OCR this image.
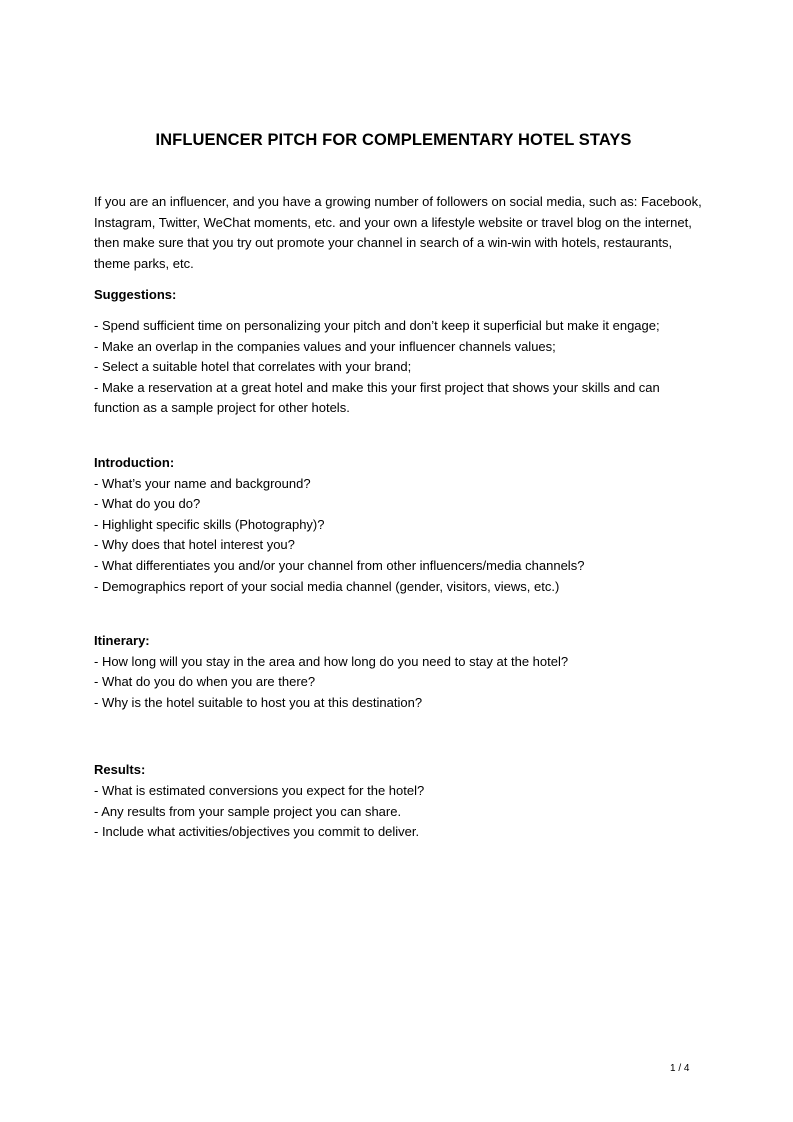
INFLUENCER PITCH FOR COMPLEMENTARY HOTEL STAYS

If you are an influencer, and you have a growing number of followers on social media, such as: Facebook, Instagram, Twitter, WeChat moments, etc. and your own a lifestyle website or travel blog on the internet, then make sure that you try out promote your channel in search of a win-win with hotels, restaurants, theme parks, etc.

Suggestions:

- Spend sufficient time on personalizing your pitch and don’t keep it superficial but make it engage;
- Make an overlap in the companies values and your influencer channels values;
- Select a suitable hotel that correlates with your brand;
- Make a reservation at a great hotel and make this your first project that shows your skills and can function as a sample project for other hotels.

Introduction:

- What’s your name and background?
- What do you do?
- Highlight specific skills (Photography)?
- Why does that hotel interest you?
- What differentiates you and/or your channel from other influencers/media channels?
- Demographics report of your social media channel (gender, visitors, views, etc.)

Itinerary:

- How long will you stay in the area and how long do you need to stay at the hotel?
- What do you do when you are there?
- Why is the hotel suitable to host you at this destination?

Results:

- What is estimated conversions you expect for the hotel?
- Any results from your sample project you can share.
- Include what activities/objectives you commit to deliver.
1 / 4
